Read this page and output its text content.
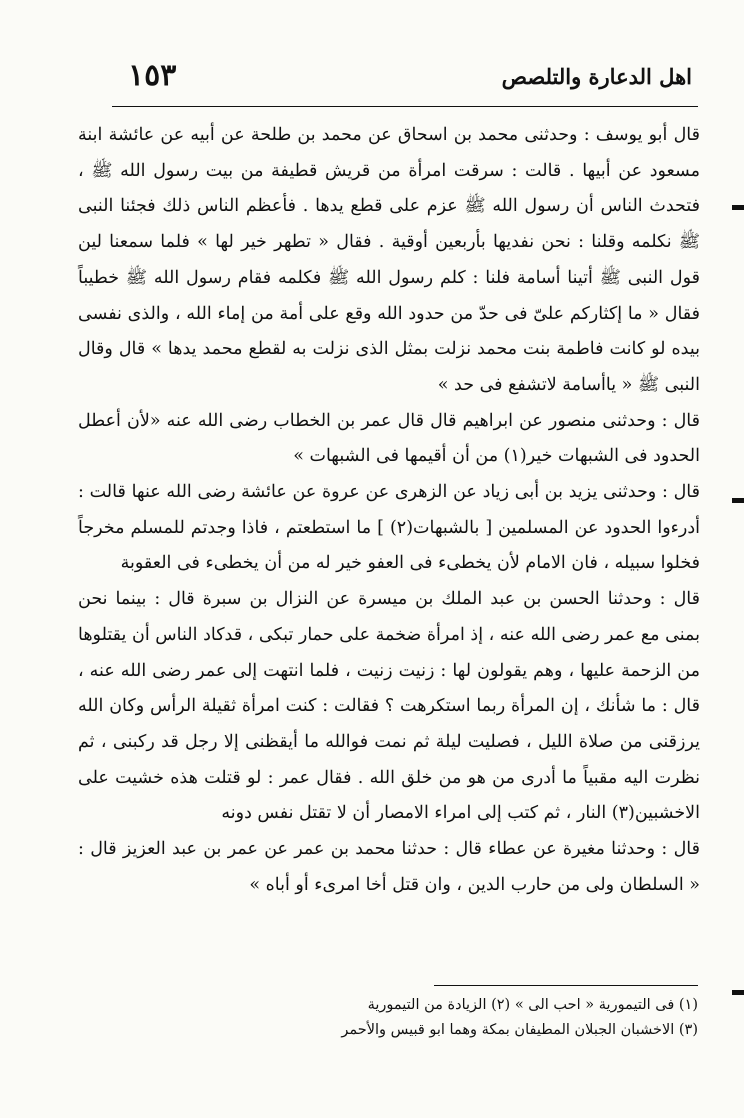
اهل الدعارة والتلصص
١٥٣

قال أبو يوسف : وحدثنى محمد بن اسحاق عن محمد بن طلحة عن أبيه عن عائشة ابنة مسعود عن أبيها . قالت : سرقت امرأة من قريش قطيفة من بيت رسول الله ﷺ ، فتحدث الناس أن رسول الله ﷺ عزم على قطع يدها . فأعظم الناس ذلك فجئنا النبى ﷺ نكلمه وقلنا : نحن نفديها بأربعين أوقية . فقال « تطهر خير لها » فلما سمعنا لين قول النبى ﷺ أتينا أسامة فلنا : كلم رسول الله ﷺ فكلمه فقام رسول الله ﷺ خطيباً فقال « ما إكثاركم علىّ فى حدّ من حدود الله وقع على أمة من إماء الله ، والذى نفسى بيده لو كانت فاطمة بنت محمد نزلت بمثل الذى نزلت به لقطع محمد يدها » قال وقال النبى ﷺ « ياأسامة لاتشفع فى حد »

قال : وحدثنى منصور عن ابراهيم قال قال عمر بن الخطاب رضى الله عنه «لأن أعطل الحدود فى الشبهات خير(١) من أن أقيمها فى الشبهات »

قال : وحدثنى يزيد بن أبى زياد عن الزهرى عن عروة عن عائشة رضى الله عنها قالت : أدرءوا الحدود عن المسلمين [ بالشبهات(٢) ] ما استطعتم ، فاذا وجدتم للمسلم مخرجاً فخلوا سبيله ، فان الامام لأن يخطىء فى العفو خير له من أن يخطىء فى العقوبة

قال : وحدثنا الحسن بن عبد الملك بن ميسرة عن النزال بن سبرة قال : بينما نحن بمنى مع عمر رضى الله عنه ، إذ امرأة ضخمة على حمار تبكى ، قدكاد الناس أن يقتلوها من الزحمة عليها ، وهم يقولون لها : زنيت زنيت ، فلما انتهت إلى عمر رضى الله عنه ، قال : ما شأنك ، إن المرأة ربما استكرهت ؟ فقالت : كنت امرأة ثقيلة الرأس وكان الله يرزقنى من صلاة الليل ، فصليت ليلة ثم نمت فوالله ما أيقظنى إلا رجل قد ركبنى ، ثم نظرت اليه مقبياً ما أدرى من هو من خلق الله . فقال عمر : لو قتلت هذه خشيت على الاخشبين(٣) النار ، ثم كتب إلى امراء الامصار أن لا تقتل نفس دونه

قال : وحدثنا مغيرة عن عطاء قال : حدثنا محمد بن عمر عن عمر بن عبد العزيز قال : « السلطان ولى من حارب الدين ، وان قتل أخا امرىء أو أباه »

(١) فى التيمورية « احب الى » (٢) الزيادة من التيمورية
(٣) الاخشبان الجبلان المطيفان بمكة وهما ابو قبيس والأحمر
